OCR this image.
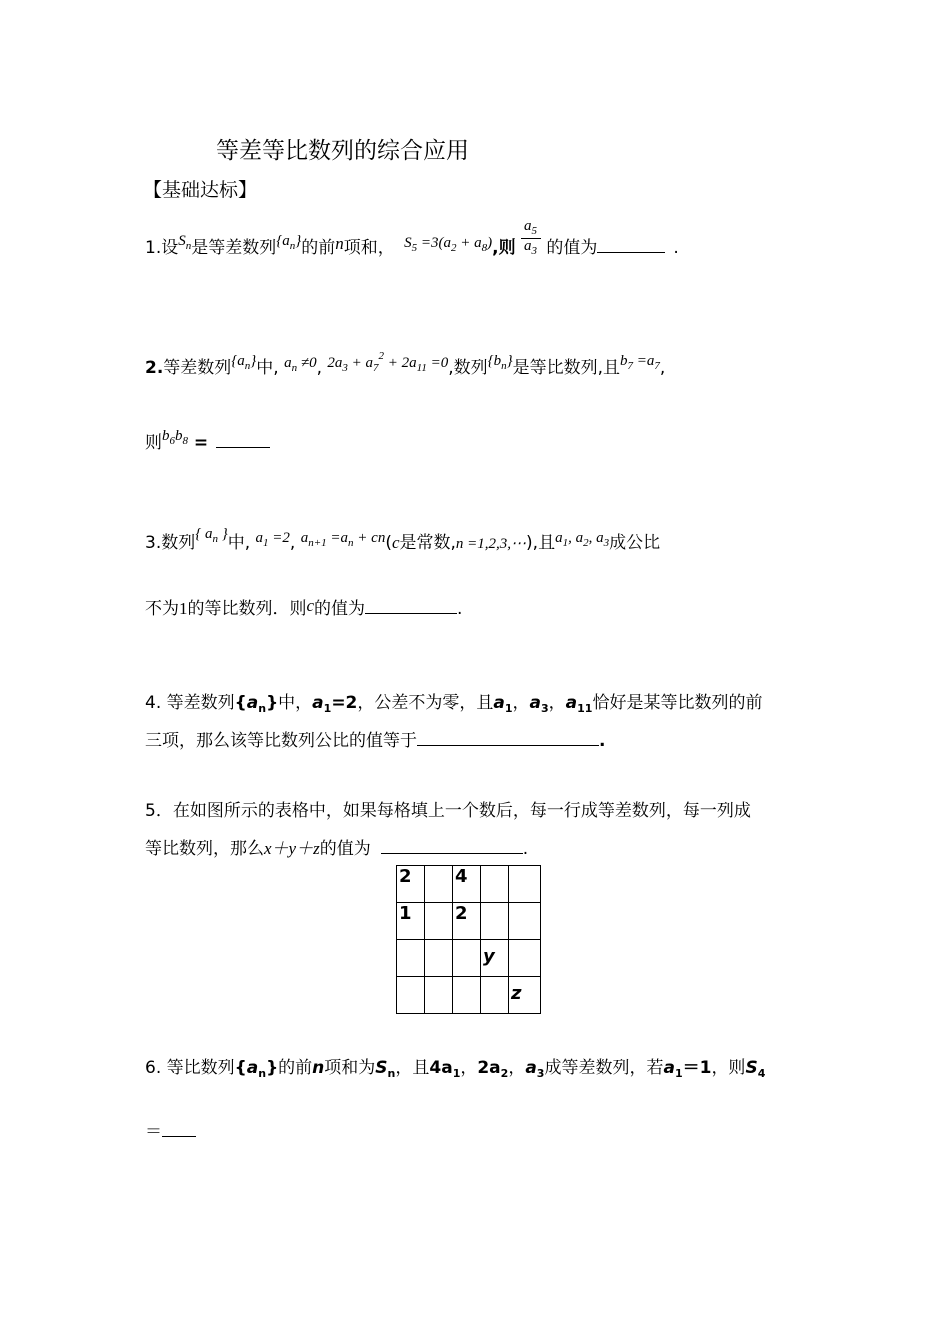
等差等比数列的综合应用
【基础达标】
1.设$S_n$是等差数列$\{a_n\}$的前n项和， $S_5 =3(a_2 + a_8)$,则 $\frac{a_5}{a_3}$ 的值为	.
2.等差数列$\{a_n\}$中, $a_n \ne 0$, $2a_3 + a_7^2 + 2a_{11} =0$,数列$\{b_n\}$是等比数列,且$b_7 =a_7$,
则$b_6b_8$ =
3.数列{ $a_n$ }中, $a_1 =2$, $a_{n+1} =a_n + cn(c$是常数,n =1,2,3,⋯),且$a_1$, $a_2$, $a_3$成公比
不为1的等比数列．则c的值为	.
4. 等差数列$\{a_n\}$中，$a_1=2$，公差不为零，且$a_1$，$a_3$，$a_{11}$恰好是某等比数列的前
三项，那么该等比数列公比的值等于	.
5．在如图所示的表格中，如果每格填上一个数后，每一行成等差数列，每一列成
等比数列，那么x＋y＋z的值为	.
2		4		

1		2		

			y	

				z
6. 等比数列$\{a_n\}$的前n项和为$S_n$，且$4a_1$，$2a_2$，$a_3$成等差数列，若$a_1=1$，则$S_4$
＝
